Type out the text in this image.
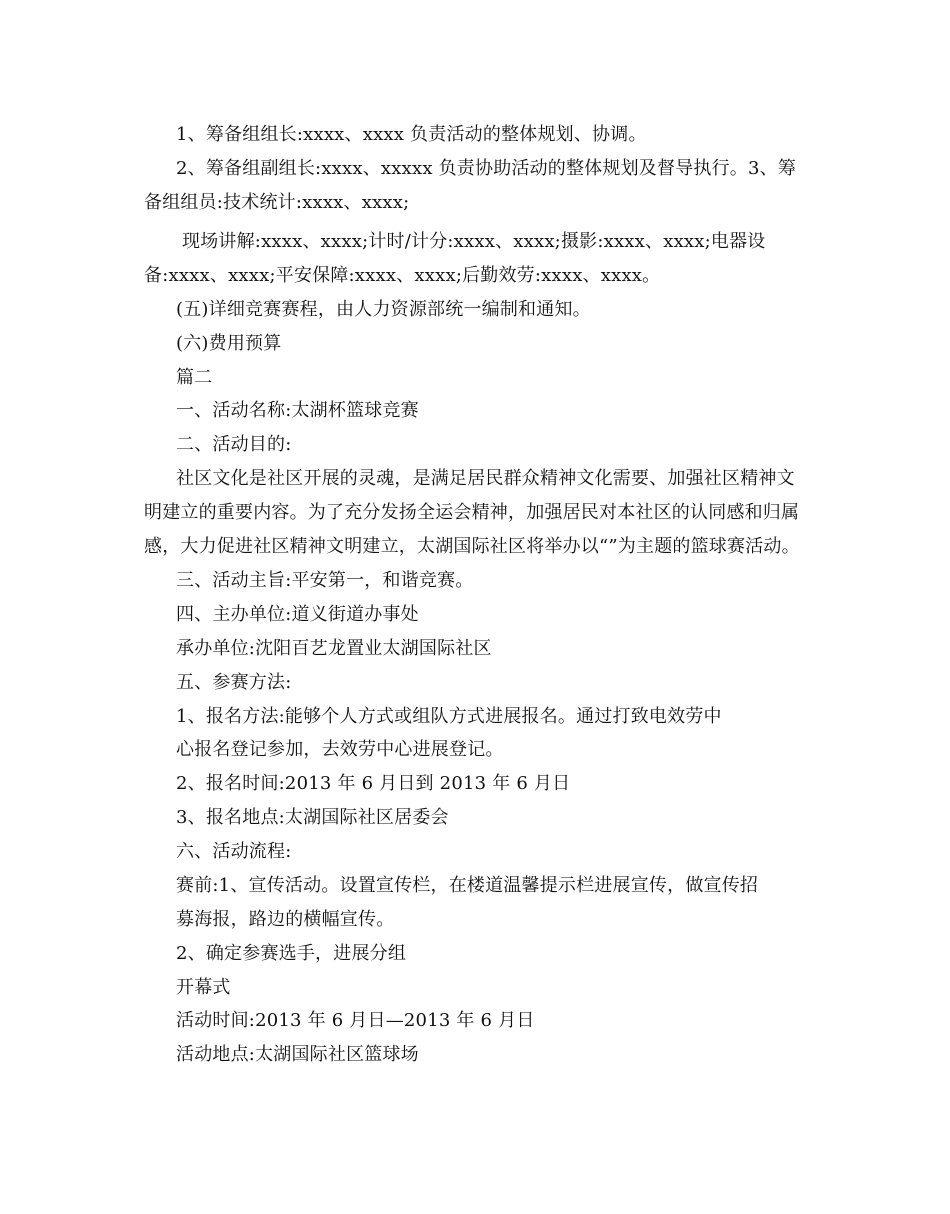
1、筹备组组长:xxxx、xxxx 负责活动的整体规划、协调。
2、筹备组副组长:xxxx、xxxxx 负责协助活动的整体规划及督导执行。3、筹
备组组员:技术统计:xxxx、xxxx;
现场讲解:xxxx、xxxx;计时/计分:xxxx、xxxx;摄影:xxxx、xxxx;电器设
备:xxxx、xxxx;平安保障:xxxx、xxxx;后勤效劳:xxxx、xxxx。
(五)详细竞赛赛程，由人力资源部统一编制和通知。
(六)费用预算
篇二
一、活动名称:太湖杯篮球竞赛
二、活动目的:
社区文化是社区开展的灵魂，是满足居民群众精神文化需要、加强社区精神文
明建立的重要内容。为了充分发扬全运会精神，加强居民对本社区的认同感和归属
感，大力促进社区精神文明建立，太湖国际社区将举办以“”为主题的篮球赛活动。
三、活动主旨:平安第一，和谐竞赛。
四、主办单位:道义街道办事处
承办单位:沈阳百艺龙置业太湖国际社区
五、参赛方法:
1、报名方法:能够个人方式或组队方式进展报名。通过打致电效劳中
心报名登记参加，去效劳中心进展登记。
2、报名时间:2013 年 6 月日到 2013 年 6 月日
3、报名地点:太湖国际社区居委会
六、活动流程:
赛前:1、宣传活动。设置宣传栏，在楼道温馨提示栏进展宣传，做宣传招
募海报，路边的横幅宣传。
2、确定参赛选手，进展分组
开幕式
活动时间:2013 年 6 月日—2013 年 6 月日
活动地点:太湖国际社区篮球场
